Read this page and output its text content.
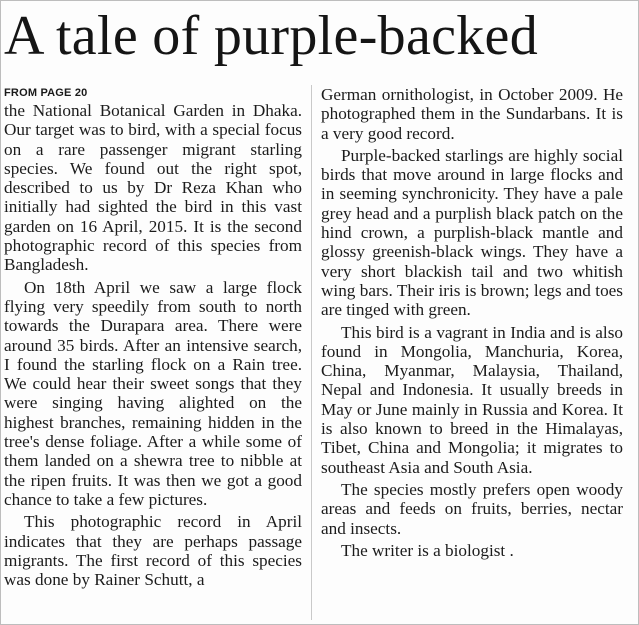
A tale of purple-backed
FROM PAGE 20

the National Botanical Garden in Dhaka. Our target was to bird, with a special focus on a rare passenger migrant starling species. We found out the right spot, described to us by Dr Reza Khan who initially had sighted the bird in this vast garden on 16 April, 2015. It is the second photographic record of this species from Bangladesh.

On 18th April we saw a large flock flying very speedily from south to north towards the Durapara area. There were around 35 birds. After an intensive search, I found the starling flock on a Rain tree. We could hear their sweet songs that they were singing having alighted on the highest branches, remaining hidden in the tree's dense foliage. After a while some of them landed on a shewra tree to nibble at the ripen fruits. It was then we got a good chance to take a few pictures.

This photographic record in April indicates that they are perhaps passage migrants. The first record of this species was done by Rainer Schutt, a

German ornithologist, in October 2009. He photographed them in the Sundarbans. It is a very good record.

Purple-backed starlings are highly social birds that move around in large flocks and in seeming synchronicity. They have a pale grey head and a purplish black patch on the hind crown, a purplish-black mantle and glossy greenish-black wings. They have a very short blackish tail and two whitish wing bars. Their iris is brown; legs and toes are tinged with green.

This bird is a vagrant in India and is also found in Mongolia, Manchuria, Korea, China, Myanmar, Malaysia, Thailand, Nepal and Indonesia. It usually breeds in May or June mainly in Russia and Korea. It is also known to breed in the Himalayas, Tibet, China and Mongolia; it migrates to southeast Asia and South Asia.

The species mostly prefers open woody areas and feeds on fruits, berries, nectar and insects.

The writer is a biologist .
